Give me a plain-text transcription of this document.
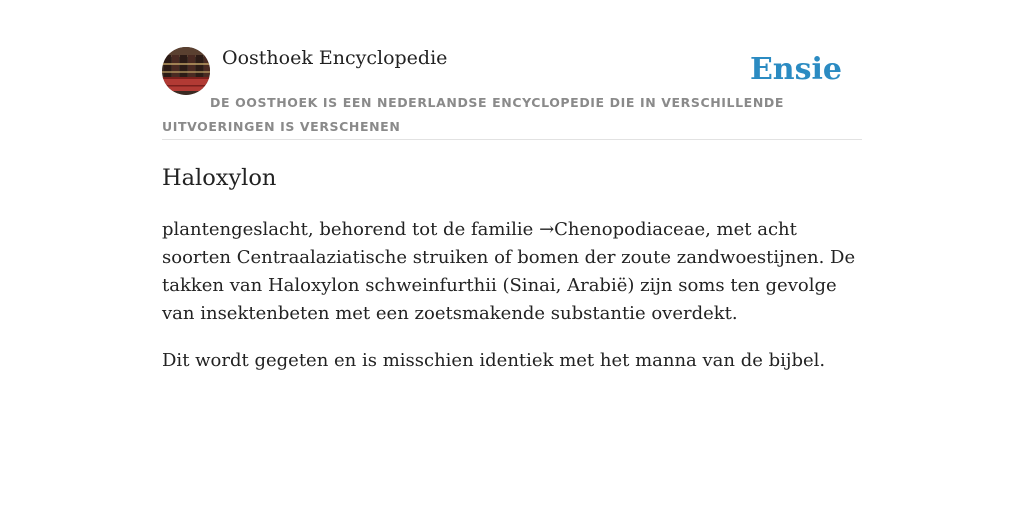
Oosthoek Encyclopedie	Ensie
DE OOSTHOEK IS EEN NEDERLANDSE ENCYCLOPEDIE DIE IN VERSCHILLENDE UITVOERINGEN IS VERSCHENEN
Haloxylon

plantengeslacht, behorend tot de familie →Chenopodiaceae, met acht soorten Centraalaziatische struiken of bomen der zoute zandwoestijnen. De takken van Haloxylon schweinfurthii (Sinai, Arabië) zijn soms ten gevolge van insektenbeten met een zoetsmakende substantie overdekt.

Dit wordt gegeten en is misschien identiek met het manna van de bijbel.
